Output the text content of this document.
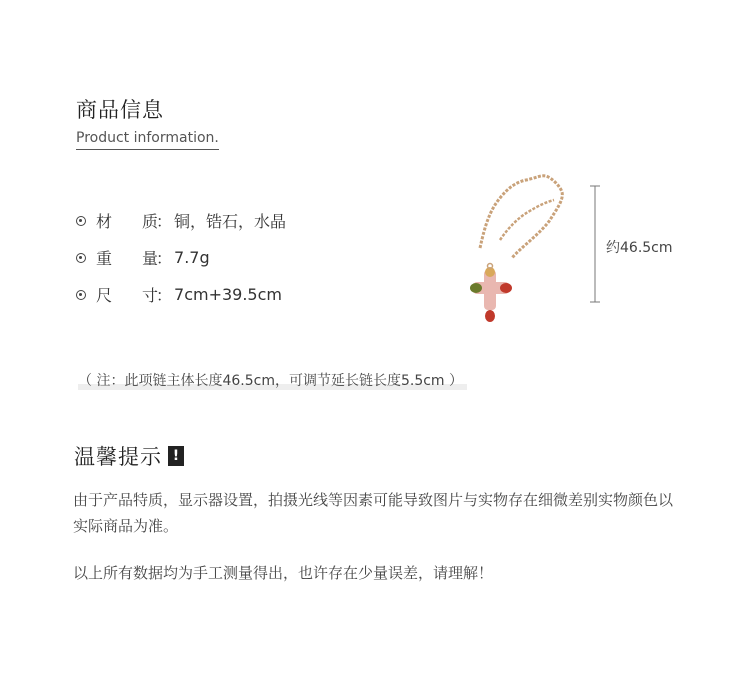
商品信息
Product information.
材	质
： 铜，锆石，水晶
重	量
： 7.7g
尺	寸
： 7cm+39.5cm
约46.5cm
（ 注：此项链主体长度46.5cm，可调节延长链长度5.5cm ）
温馨提示 !
由于产品特质，显示器设置，拍摄光线等因素可能导致图片与实物存在细微差别实物颜色以实际商品为准。
以上所有数据均为手工测量得出，也许存在少量误差，请理解！
